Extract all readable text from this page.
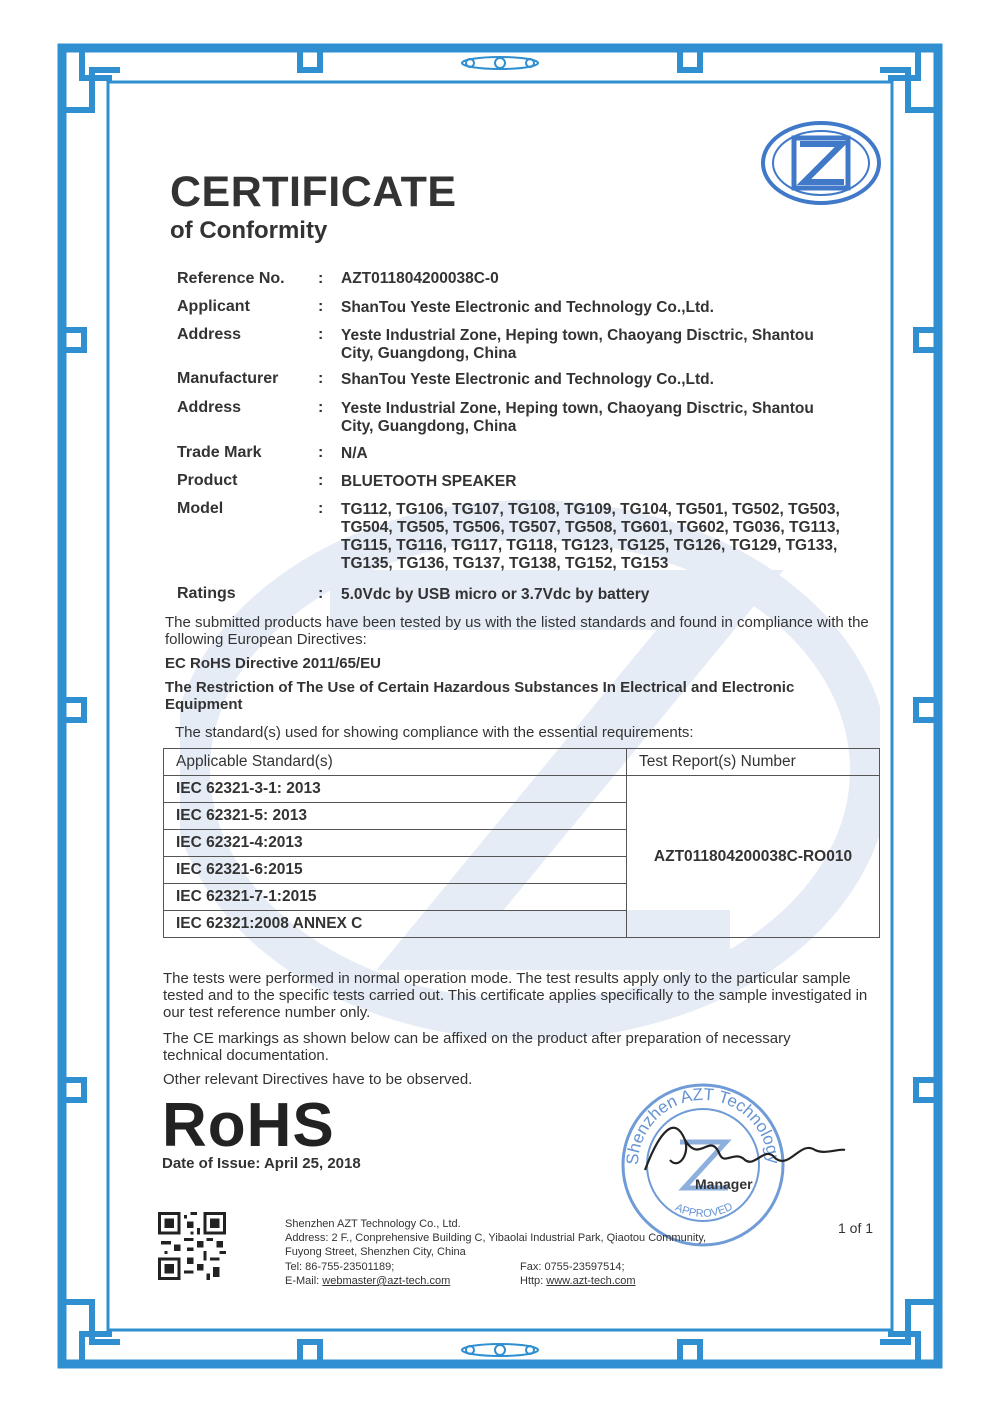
CERTIFICATE
of Conformity
Reference No. : AZT011804200038C-0
Applicant	: ShanTou Yeste Electronic and Technology Co.,Ltd.
Address	: Yeste Industrial Zone, Heping town, Chaoyang Disctric, Shantou City, Guangdong, China
Manufacturer : ShanTou Yeste Electronic and Technology Co.,Ltd.
Address	: Yeste Industrial Zone, Heping town, Chaoyang Disctric, Shantou City, Guangdong, China
Trade Mark	: N/A
Product	: BLUETOOTH SPEAKER
Model	: TG112, TG106, TG107, TG108, TG109, TG104, TG501, TG502, TG503, TG504, TG505, TG506, TG507, TG508, TG601, TG602, TG036, TG113, TG115, TG116, TG117, TG118, TG123, TG125, TG126, TG129, TG133, TG135, TG136, TG137, TG138, TG152, TG153
Ratings	: 5.0Vdc by USB micro or 3.7Vdc by battery
The submitted products have been tested by us with the listed standards and found in compliance with the following European Directives:
EC RoHS Directive 2011/65/EU
The Restriction of The Use of Certain Hazardous Substances In Electrical and Electronic Equipment
The standard(s) used for showing compliance with the essential requirements:
Applicable Standard(s)	Test Report(s) Number
IEC 62321-3-1: 2013	AZT011804200038C-RO010
IEC 62321-5: 2013	
IEC 62321-4:2013	
IEC 62321-6:2015	
IEC 62321-7-1:2015	
IEC 62321:2008 ANNEX C	
The tests were performed in normal operation mode. The test results apply only to the particular sample tested and to the specific tests carried out. This certificate applies specifically to the sample investigated in our test reference number only.
The CE markings as shown below can be affixed on the product after preparation of necessary technical documentation.
Other relevant Directives have to be observed.
RoHS
Date of Issue: April 25, 2018	Shenzhen AZT Technology
APPROVED
Manager
Shenzhen AZT Technology Co., Ltd.
Address: 2 F., Conprehensive Building C, Yibaolai Industrial Park, Qiaotou Community,
Fuyong Street, Shenzhen City, China
Tel: 86-755-23501189;	Fax: 0755-23597514;
E-Mail: webmaster@azt-tech.com	Http: www.azt-tech.com
1 of 1
